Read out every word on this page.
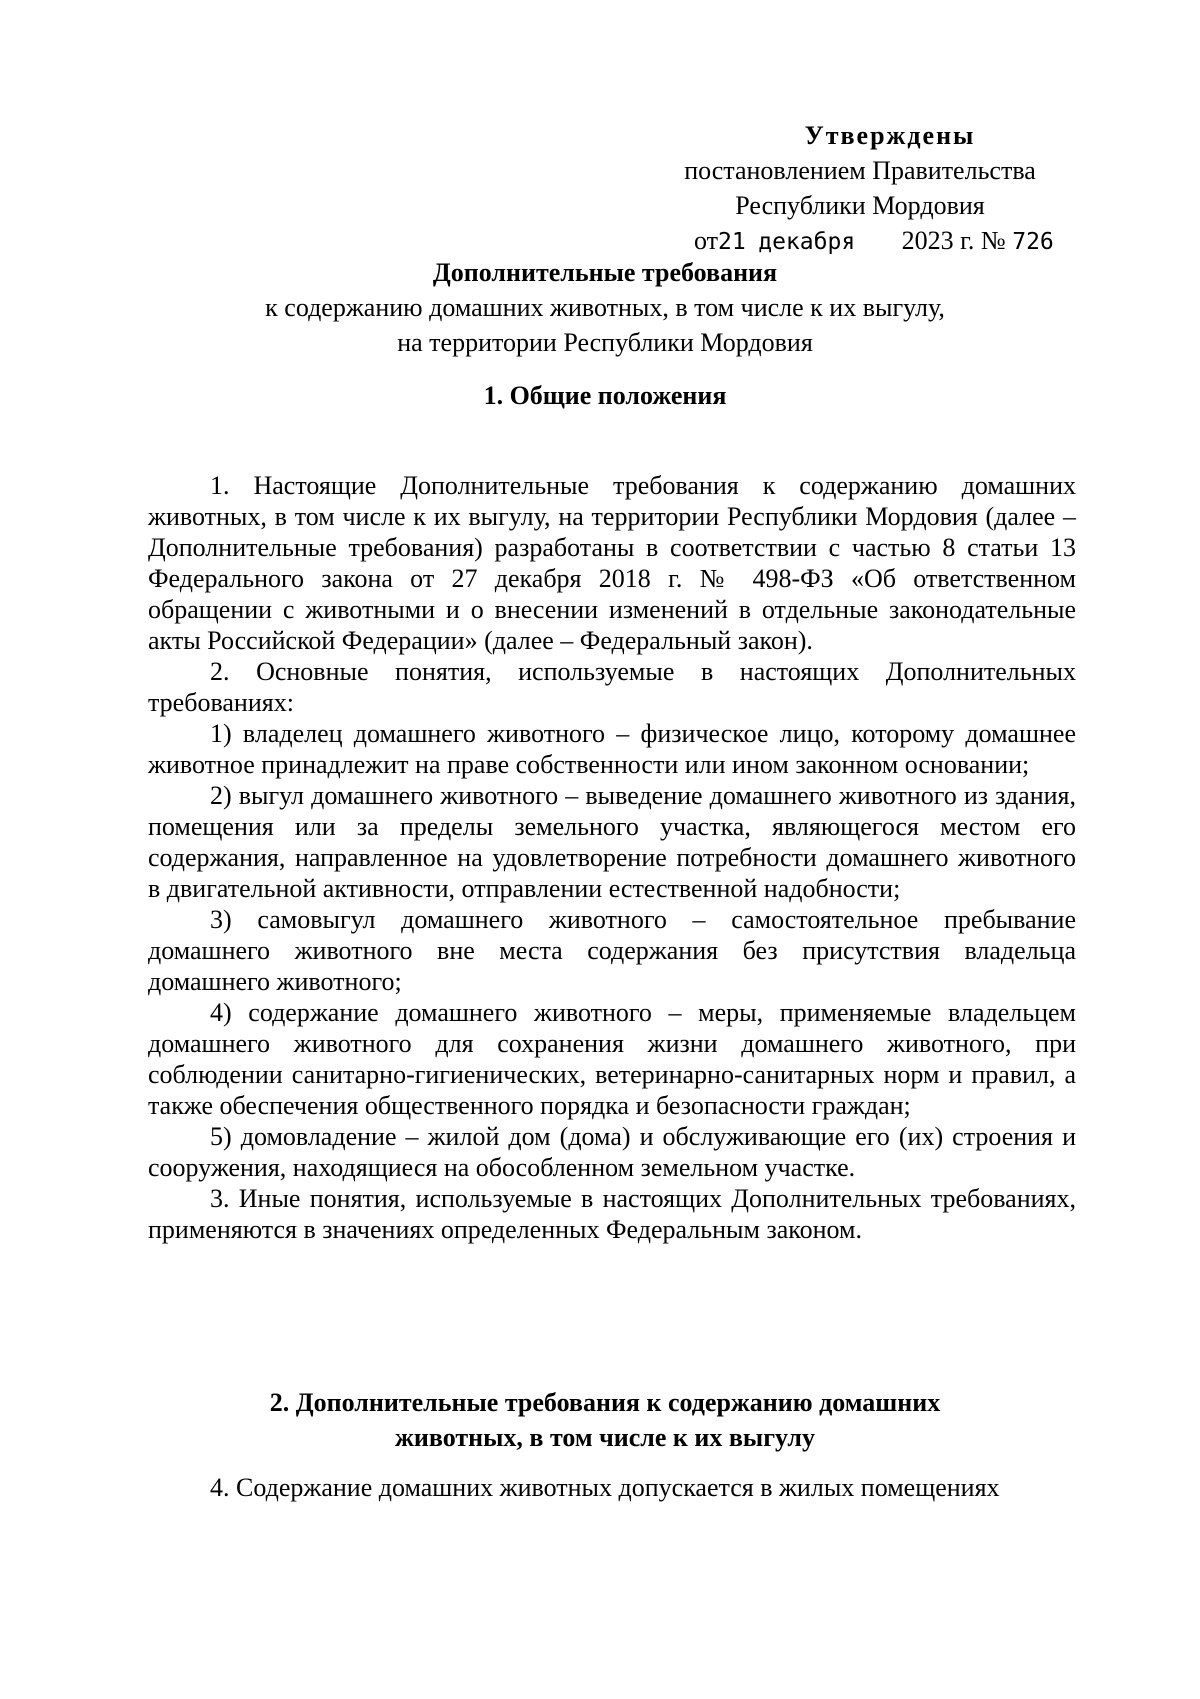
Утверждены
постановлением Правительства
Республики Мордовия
от21 декабря 2023 г. № 726
Дополнительные требования
к содержанию домашних животных, в том числе к их выгулу,
на территории Республики Мордовия
1. Общие положения

1. Настоящие Дополнительные требования к содержанию домашних животных, в том числе к их выгулу, на территории Республики Мордовия (далее – Дополнительные требования) разработаны в соответствии с частью 8 статьи 13 Федерального закона от 27 декабря 2018 г. № 498-ФЗ «Об ответственном обращении с животными и о внесении изменений в отдельные законодательные акты Российской Федерации» (далее – Федеральный закон).

2. Основные понятия, используемые в настоящих Дополнительных требованиях:

1) владелец домашнего животного – физическое лицо, которому домашнее животное принадлежит на праве собственности или ином законном основании;

2) выгул домашнего животного – выведение домашнего животного из здания, помещения или за пределы земельного участка, являющегося местом его содержания, направленное на удовлетворение потребности домашнего животного в двигательной активности, отправлении естественной надобности;

3) самовыгул домашнего животного – самостоятельное пребывание домашнего животного вне места содержания без присутствия владельца домашнего животного;

4) содержание домашнего животного – меры, применяемые владельцем домашнего животного для сохранения жизни домашнего животного, при соблюдении санитарно-гигиенических, ветеринарно-санитарных норм и правил, а также обеспечения общественного порядка и безопасности граждан;

5) домовладение – жилой дом (дома) и обслуживающие его (их) строения и сооружения, находящиеся на обособленном земельном участке.

3. Иные понятия, используемые в настоящих Дополнительных требованиях, применяются в значениях определенных Федеральным законом.

2. Дополнительные требования к содержанию домашних
животных, в том числе к их выгулу
4. Содержание домашних животных допускается в жилых помещениях
